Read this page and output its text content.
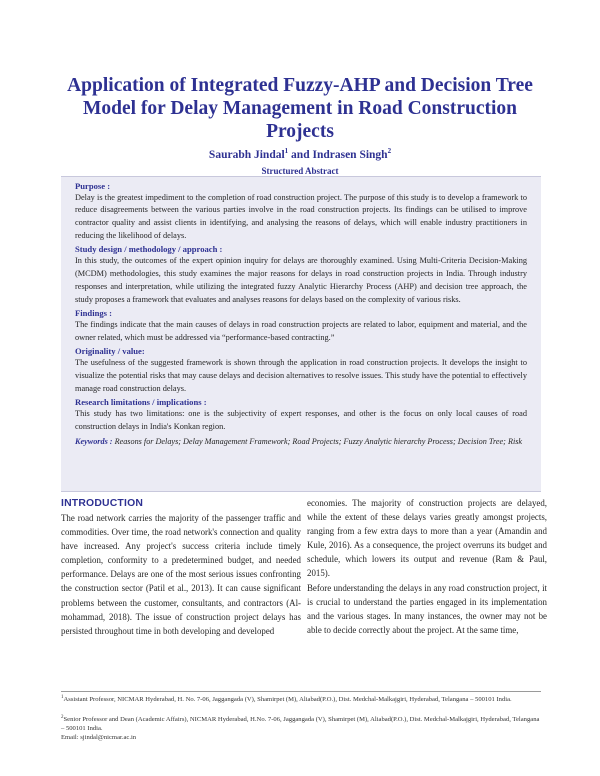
Application of Integrated Fuzzy-AHP and Decision Tree Model for Delay Management in Road Construction Projects
Saurabh Jindal$^1$ and Indrasen Singh$^2$
Structured Abstract
Purpose :
Delay is the greatest impediment to the completion of road construction project. The purpose of this study is to develop a framework to reduce disagreements between the various parties involve in the road construction projects. Its findings can be utilised to improve contractor quality and assist clients in identifying, and analysing the reasons of delays, which will enable industry practitioners in reducing the likelihood of delays.
Study design / methodology / approach :
In this study, the outcomes of the expert opinion inquiry for delays are thoroughly examined. Using Multi-Criteria Decision-Making (MCDM) methodologies, this study examines the major reasons for delays in road construction projects in India. Through industry responses and interpretation, while utilizing the integrated fuzzy Analytic Hierarchy Process (AHP) and decision tree approach, the study proposes a framework that evaluates and analyses reasons for delays based on the complexity of various risks.
Findings :
The findings indicate that the main causes of delays in road construction projects are related to labor, equipment and material, and the owner related, which must be addressed via “performance-based contracting.”
Originality / value:
The usefulness of the suggested framework is shown through the application in road construction projects. It develops the insight to visualize the potential risks that may cause delays and decision alternatives to resolve issues. This study have the potential to effectively manage road construction delays.
Research limitations / implications :
This study has two limitations: one is the subjectivity of expert responses, and other is the focus on only local causes of road construction delays in India's Konkan region.
Keywords : Reasons for Delays; Delay Management Framework; Road Projects; Fuzzy Analytic hierarchy Process; Decision Tree; Risk
INTRODUCTION

The road network carries the majority of the passenger traffic and commodities. Over time, the road network's connection and quality have increased. Any project's success criteria include timely completion, conformity to a predetermined budget, and needed performance. Delays are one of the most serious issues confronting the construction sector (Patil et al., 2013). It can cause significant problems between the customer, consultants, and contractors (Al-mohammad, 2018). The issue of construction project delays has persisted throughout time in both developing and developed

economies. The majority of construction projects are delayed, while the extent of these delays varies greatly amongst projects, ranging from a few extra days to more than a year (Amandin and Kule, 2016). As a consequence, the project overruns its budget and schedule, which lowers its output and revenue (Ram & Paul, 2015).

Before understanding the delays in any road construction project, it is crucial to understand the parties engaged in its implementation and the various stages. In many instances, the owner may not be able to decide correctly about the project. At the same time,

$^1$Assistant Professor, NICMAR Hyderabad, H. No. 7-06, Jaggangada (V), Shamirpet (M), Aliabad(P.O.), Dist. Medchal-Malkajgiri, Hyderabad, Telangana – 500101 India.
$^2$Senior Professor and Dean (Academic Affairs), NICMAR Hyderabad, H.No. 7-06, Jaggangada (V), Shamirpet (M), Aliabad(P.O.), Dist. Medchal-Malkajgiri, Hyderabad, Telangana – 500101 India.
Email: sjindal@nicmar.ac.in
